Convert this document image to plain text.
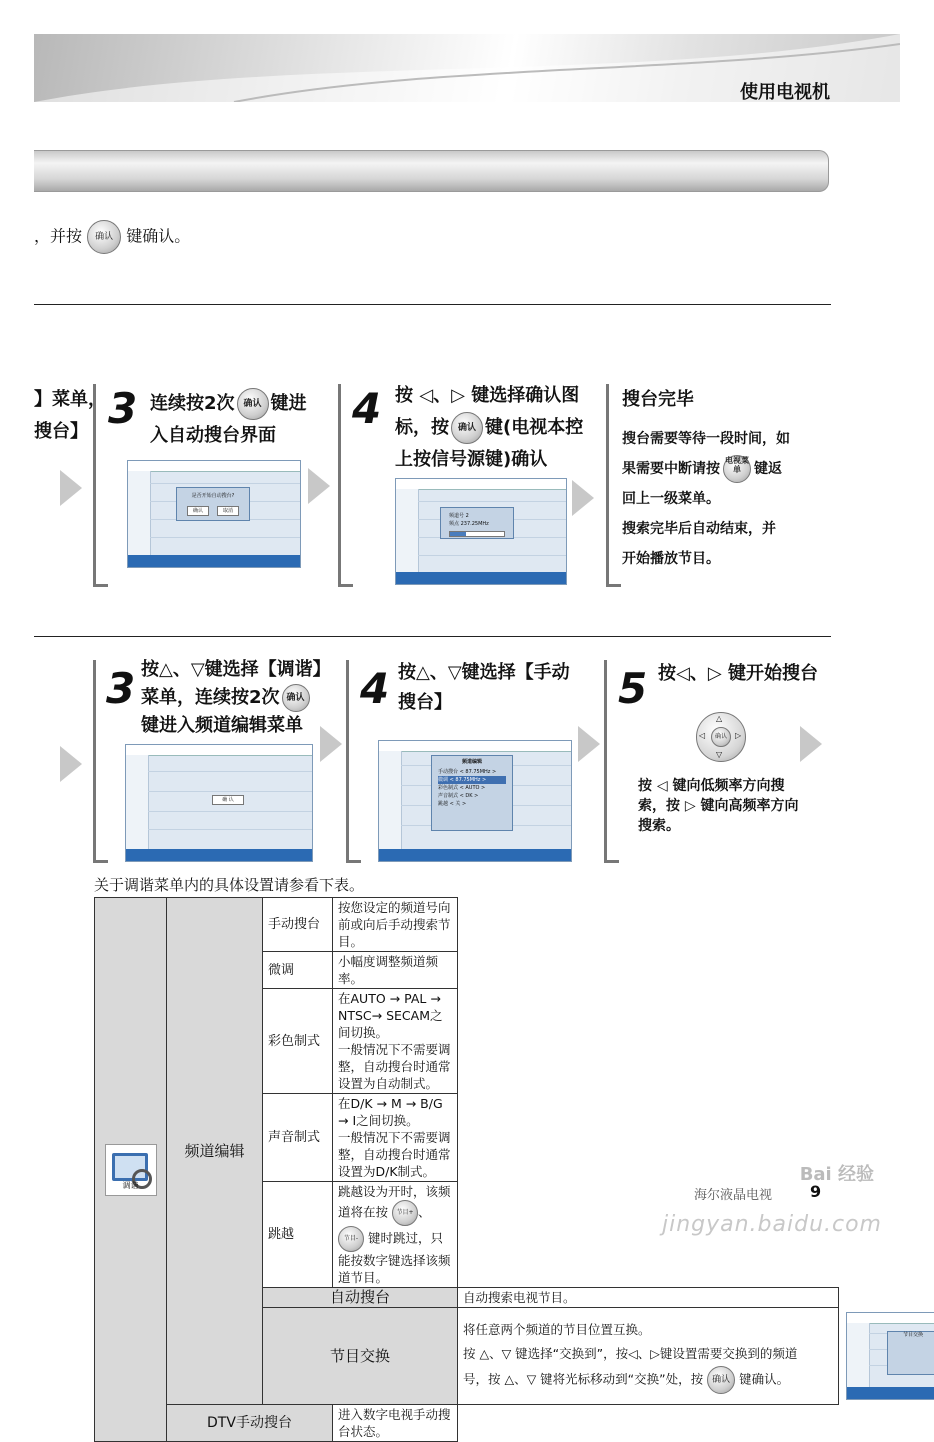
使用电视机
，并按 确认 键确认。
】菜单，
搜台】 3 连续按2次 确认 键进
入自动搜台界面
是否开始自动搜台?
确认	取消
4 按 ◁、▷ 键选择确认图
标，按 确认 键(电视本控
上按信号源键)确认
频道号 2
频点 237.25MHz
搜台完毕
搜台需要等待一段时间，如
果需要中断请按电视菜单 键返
回上一级菜单。
搜索完毕后自动结束，并
开始播放节目。
3 按△、▽键选择【调谐】
菜单，连续按2次 确认
键进入频道编辑菜单
确 认
4 按△、▽键选择【手动
搜台】
频道编辑
手动搜台 < 87.75MHz >
微调 < 87.75MHz >
彩色制式 < AUTO >
声音制式 < DK >
跳越 < 关 >
5 按◁、▷ 键开始搜台
△
▽
◁	▷
确认
按 ◁ 键向低频率方向搜
索，按 ▷ 键向高频率方向
搜索。
关于调谐菜单内的具体设置请参看下表。
调谐	频道编辑	手动搜台	按您设定的频道号向前或向后手动搜索节目。	
		微调	小幅度调整频道频率。	
		彩色制式	在AUTO → PAL → NTSC→ SECAM之间切换。
一般情况下不需要调整，自动搜台时通常设置为自动制式。	

		声音制式	在D/K → M → B/G → I之间切换。
一般情况下不需要调整，自动搜台时通常设置为D/K制式。	

		跳越	跳越设为开时，该频道将在按 节目+ 、节目- 键时跳过，只能按数字键选择该频道节目。	
		自动搜台		自动搜索电视节目。
		节目交换		将任意两个频道的节目位置互换。
按 △、▽ 键选择“交换到”，按◁、▷键设置需要交换到的频道
号，按 △、▽ 键将光标移动到“交换”处，按 确认 键确认。
节目交换

	DTV手动搜台		进入数字电视手动搜台状态。	
海尔液晶电视 9
Bai 经验
jingyan.baidu.com
